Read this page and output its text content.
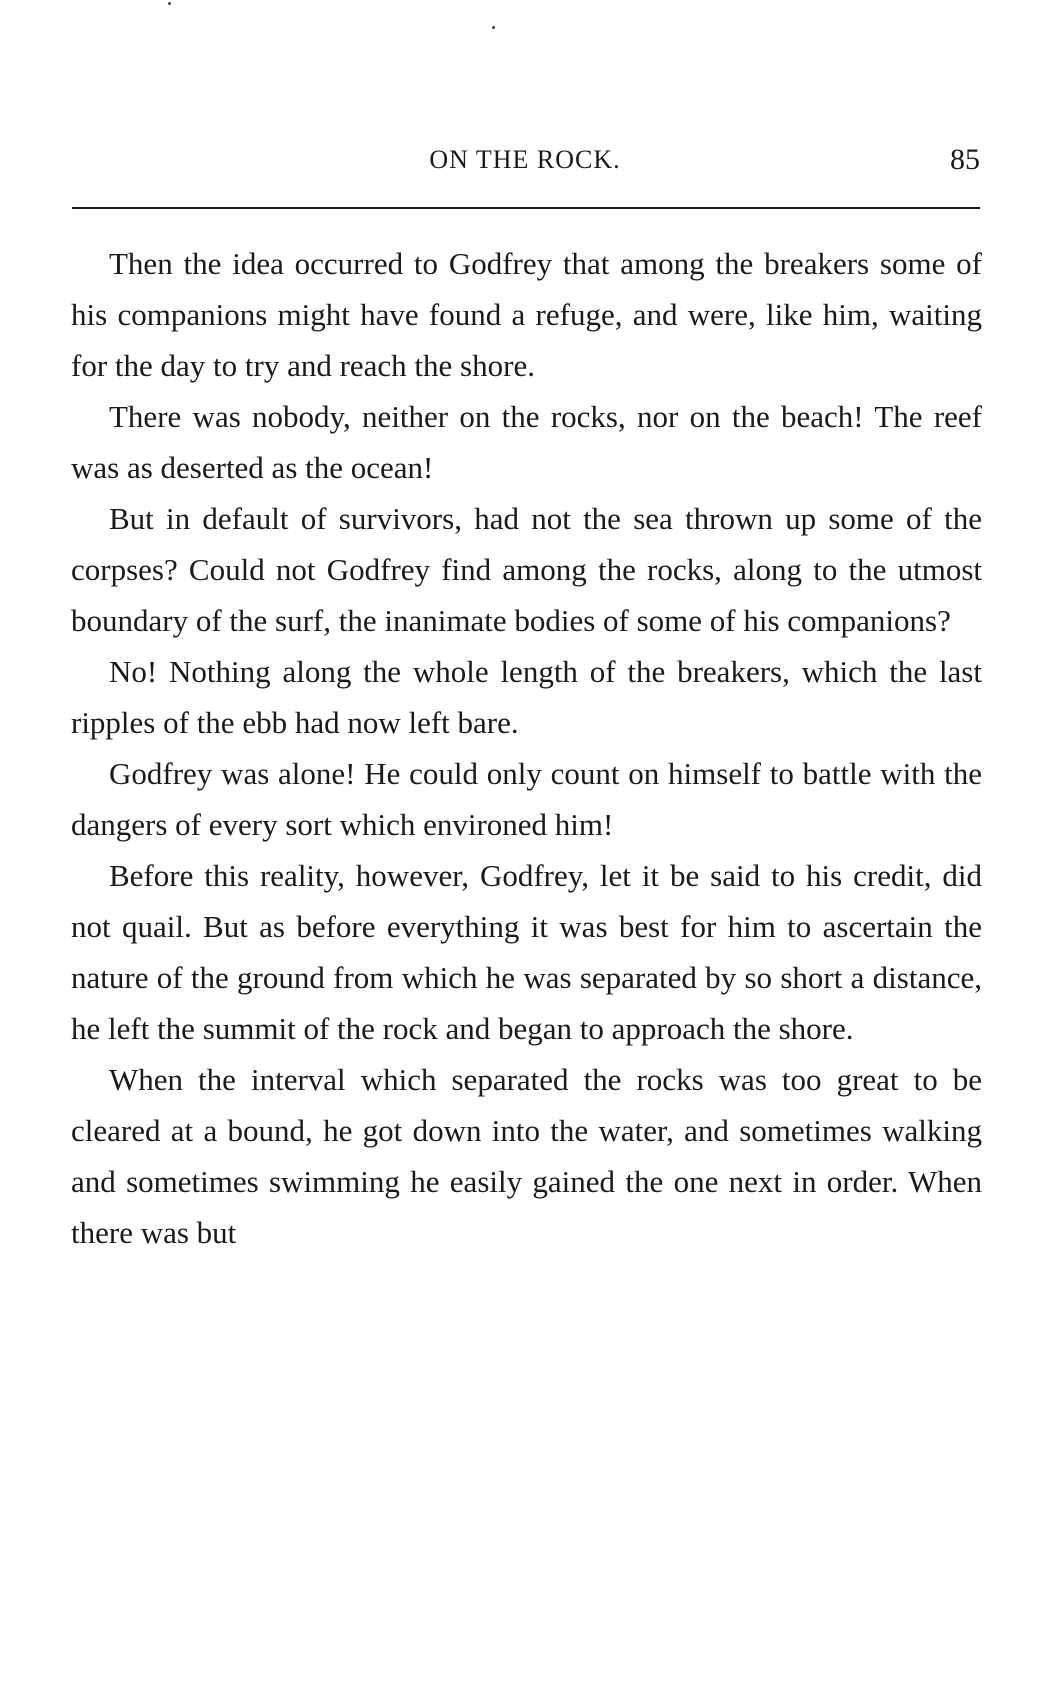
ON THE ROCK.	85

Then the idea occurred to Godfrey that among the breakers some of his companions might have found a refuge, and were, like him, waiting for the day to try and reach the shore.

There was nobody, neither on the rocks, nor on the beach! The reef was as deserted as the ocean!

But in default of survivors, had not the sea thrown up some of the corpses? Could not Godfrey find among the rocks, along to the utmost boundary of the surf, the inanimate bodies of some of his companions?

No! Nothing along the whole length of the breakers, which the last ripples of the ebb had now left bare.

Godfrey was alone! He could only count on himself to battle with the dangers of every sort which environed him!

Before this reality, however, Godfrey, let it be said to his credit, did not quail. But as before everything it was best for him to ascertain the nature of the ground from which he was separated by so short a distance, he left the summit of the rock and began to approach the shore.

When the interval which separated the rocks was too great to be cleared at a bound, he got down into the water, and sometimes walking and sometimes swimming he easily gained the one next in order. When there was but
